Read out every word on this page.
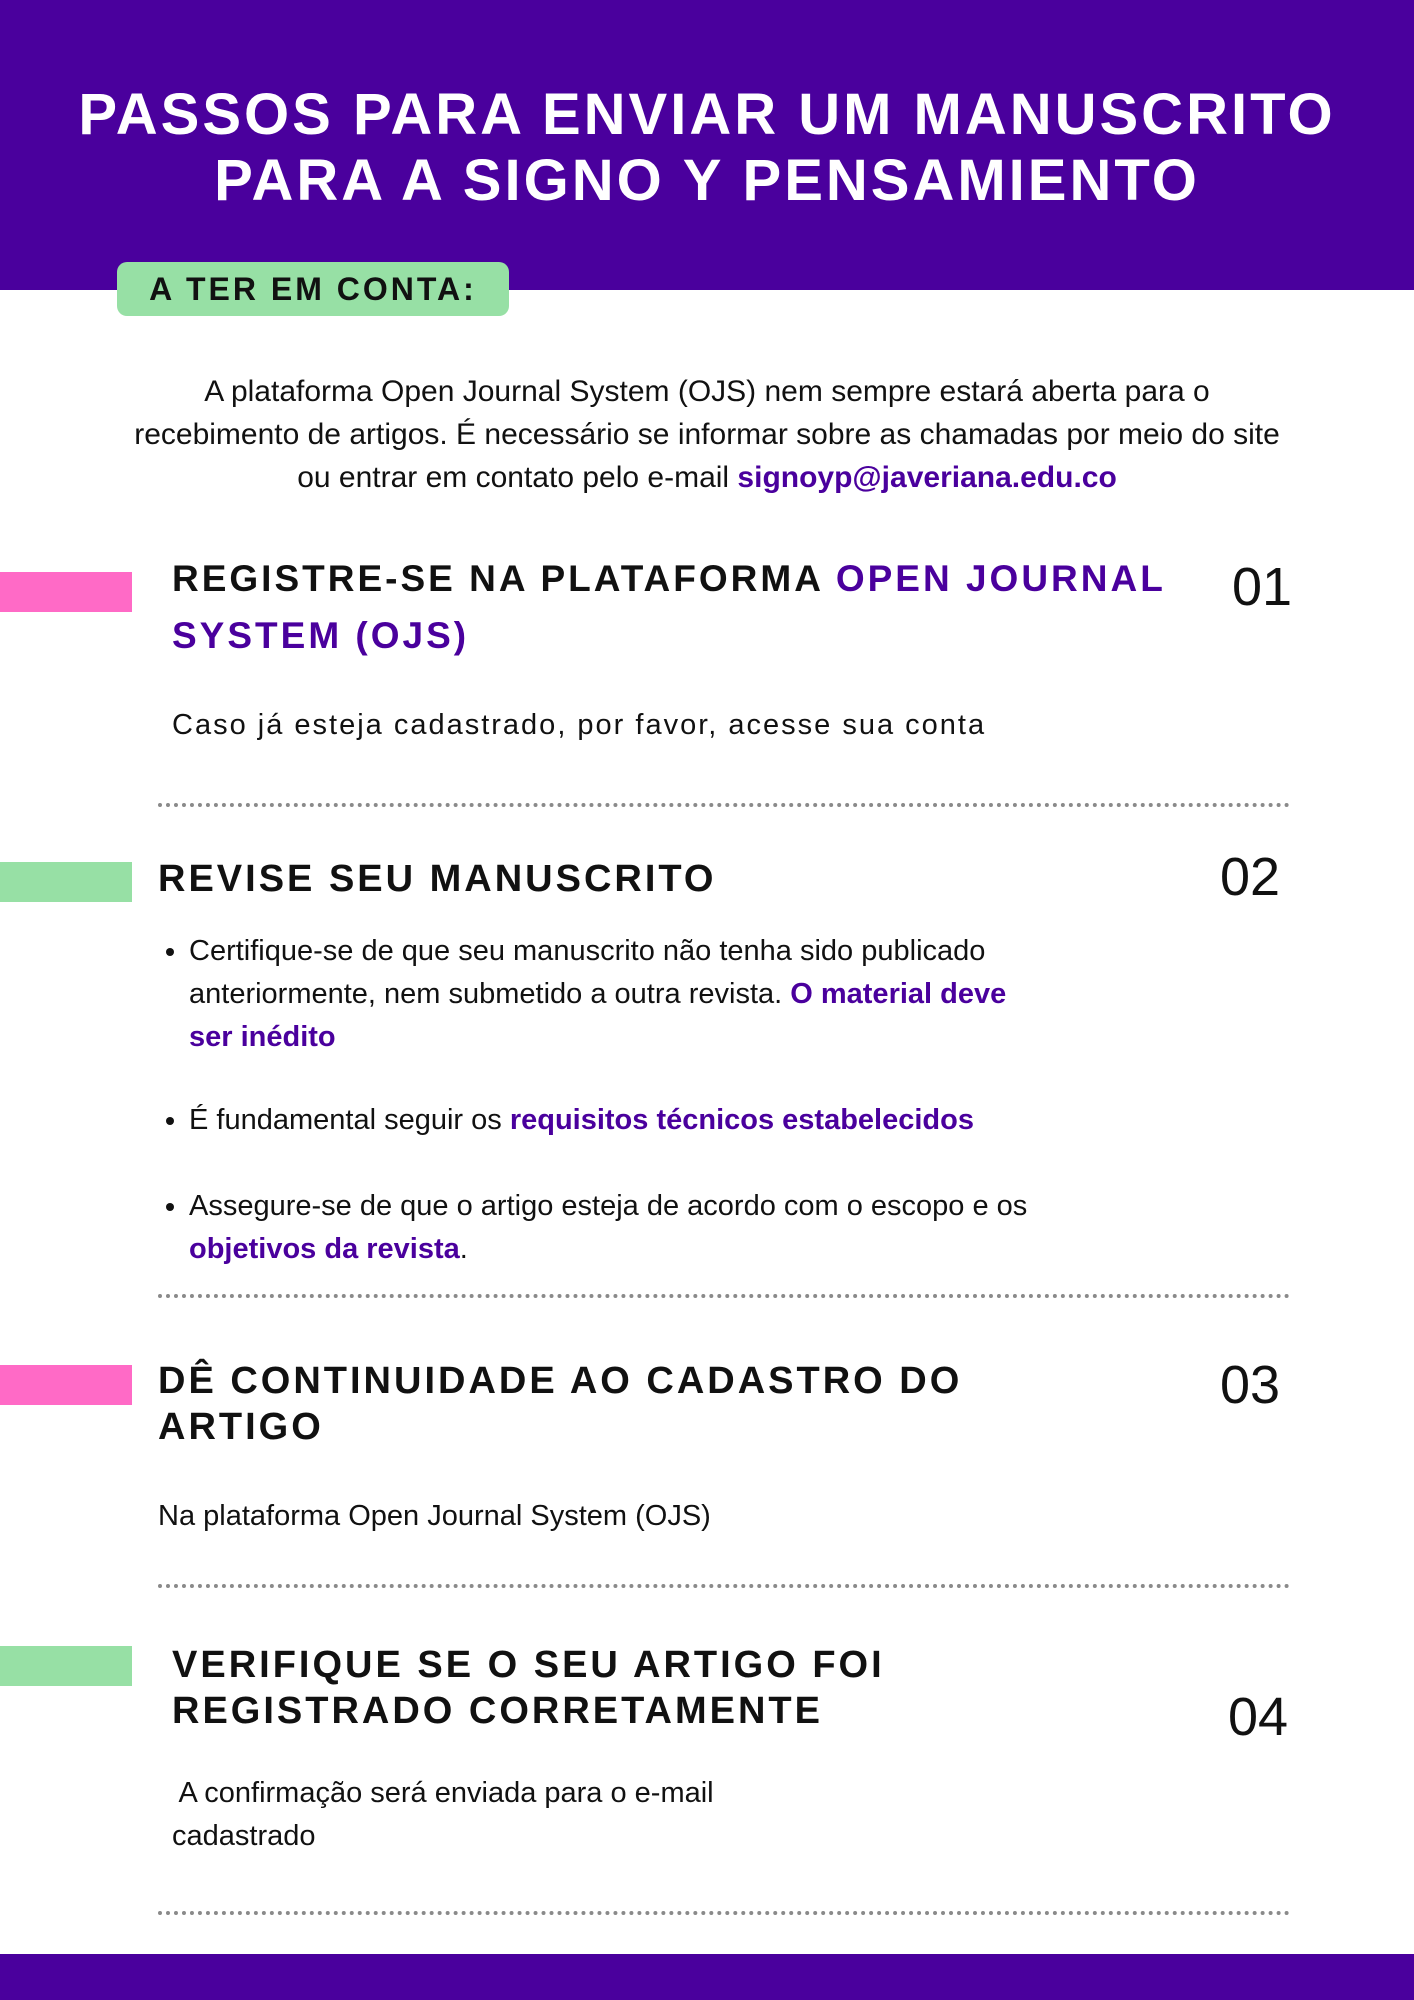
PASSOS PARA ENVIAR UM MANUSCRITO
PARA A SIGNO Y PENSAMIENTO
A TER EM CONTA:

A plataforma Open Journal System (OJS) nem sempre estará aberta para o
recebimento de artigos. É necessário se informar sobre as chamadas por meio do site
ou entrar em contato pelo e-mail signoyp@javeriana.edu.co

REGISTRE-SE NA PLATAFORMA OPEN JOURNAL
SYSTEM (OJS)
01

Caso já esteja cadastrado, por favor, acesse sua conta

REVISE SEU MANUSCRITO	02
• Certifique-se de que seu manuscrito não tenha sido publicado
anteriormente, nem submetido a outra revista. O material deve
ser inédito
• É fundamental seguir os requisitos técnicos estabelecidos
• Assegure-se de que o artigo esteja de acordo com o escopo e os
objetivos da revista.
DÊ CONTINUIDADE AO CADASTRO DO
ARTIGO
03

Na plataforma Open Journal System (OJS)

VERIFIQUE SE O SEU ARTIGO FOI
REGISTRADO CORRETAMENTE	04

A confirmação será enviada para o e-mail
cadastrado
